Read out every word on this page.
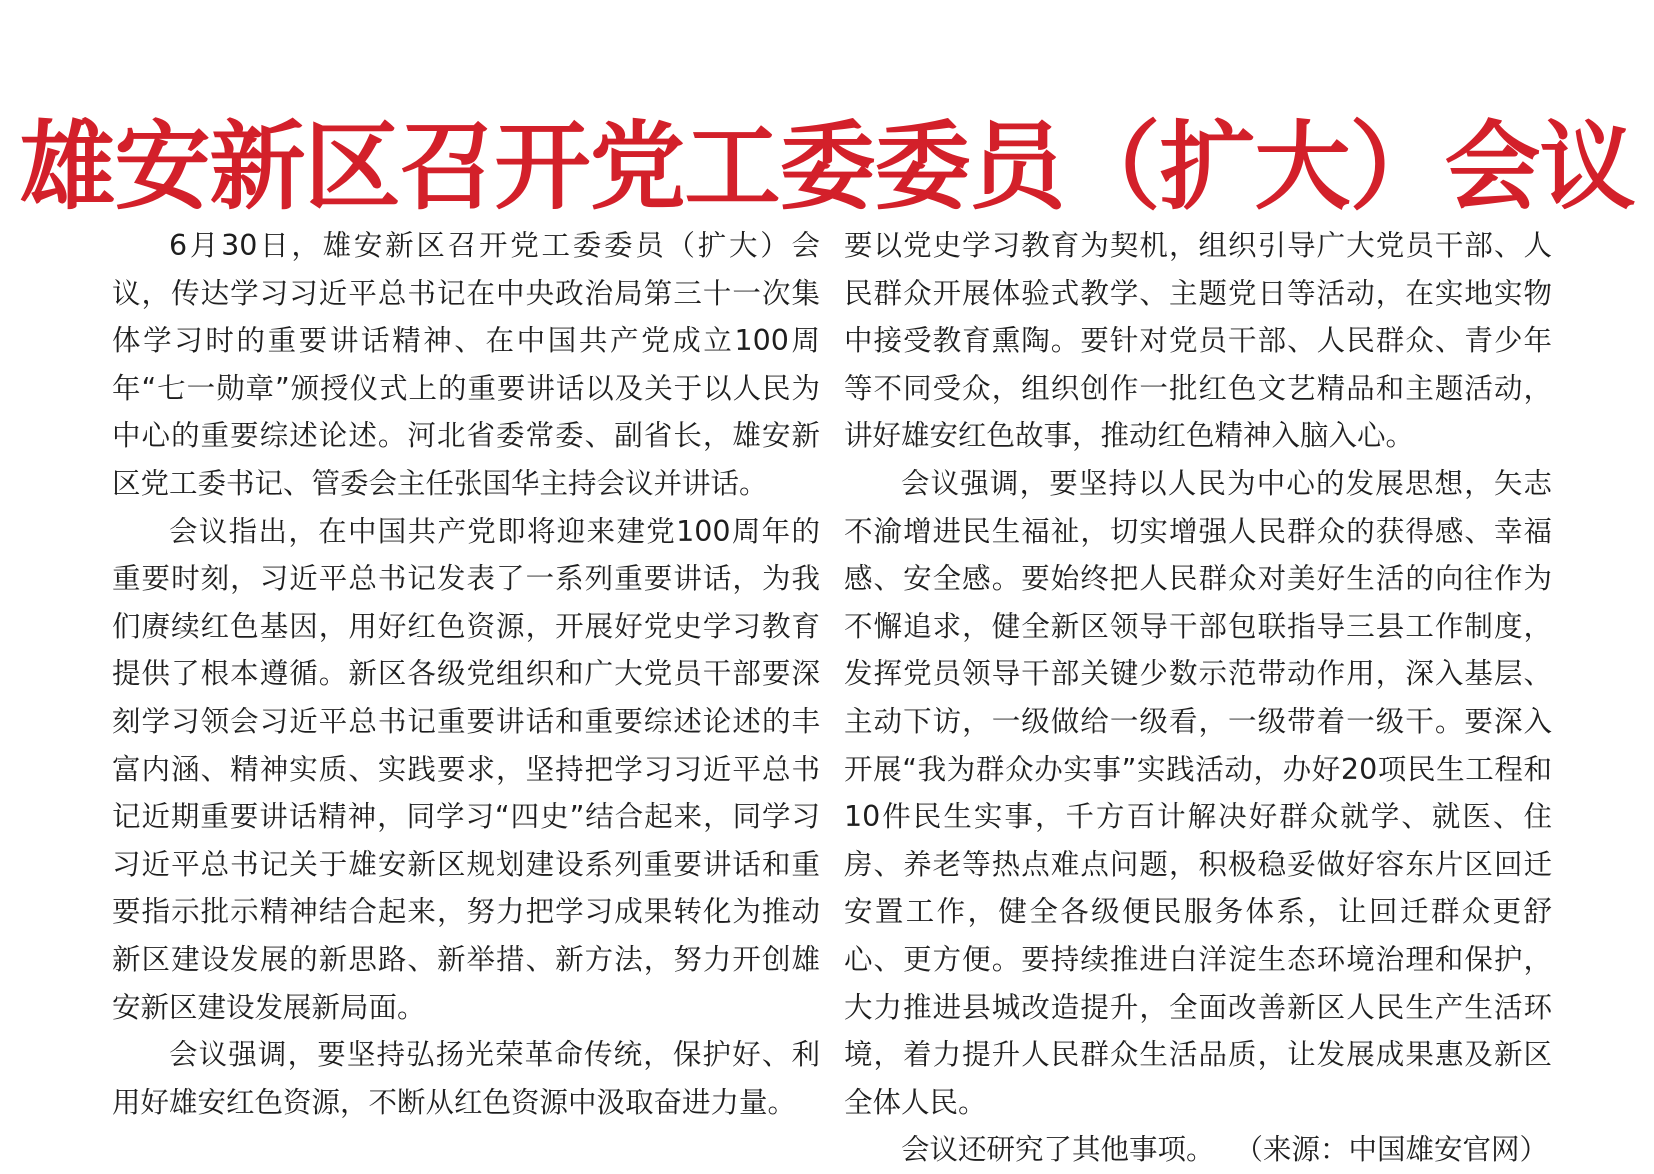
雄安新区召开党工委委员（扩大）会议

6月30日，雄安新区召开党工委委员（扩大）会议，传达学习习近平总书记在中央政治局第三十一次集体学习时的重要讲话精神、在中国共产党成立100周年“七一勋章”颁授仪式上的重要讲话以及关于以人民为中心的重要综述论述。河北省委常委、副省长，雄安新区党工委书记、管委会主任张国华主持会议并讲话。

会议指出，在中国共产党即将迎来建党100周年的重要时刻，习近平总书记发表了一系列重要讲话，为我们赓续红色基因，用好红色资源，开展好党史学习教育提供了根本遵循。新区各级党组织和广大党员干部要深刻学习领会习近平总书记重要讲话和重要综述论述的丰富内涵、精神实质、实践要求，坚持把学习习近平总书记近期重要讲话精神，同学习“四史”结合起来，同学习习近平总书记关于雄安新区规划建设系列重要讲话和重要指示批示精神结合起来，努力把学习成果转化为推动新区建设发展的新思路、新举措、新方法，努力开创雄安新区建设发展新局面。

会议强调，要坚持弘扬光荣革命传统，保护好、利用好雄安红色资源，不断从红色资源中汲取奋进力量。

要以党史学习教育为契机，组织引导广大党员干部、人民群众开展体验式教学、主题党日等活动，在实地实物中接受教育熏陶。要针对党员干部、人民群众、青少年等不同受众，组织创作一批红色文艺精品和主题活动，讲好雄安红色故事，推动红色精神入脑入心。

会议强调，要坚持以人民为中心的发展思想，矢志不渝增进民生福祉，切实增强人民群众的获得感、幸福感、安全感。要始终把人民群众对美好生活的向往作为不懈追求，健全新区领导干部包联指导三县工作制度，发挥党员领导干部关键少数示范带动作用，深入基层、主动下访，一级做给一级看，一级带着一级干。要深入开展“我为群众办实事”实践活动，办好20项民生工程和10件民生实事，千方百计解决好群众就学、就医、住房、养老等热点难点问题，积极稳妥做好容东片区回迁安置工作，健全各级便民服务体系，让回迁群众更舒心、更方便。要持续推进白洋淀生态环境治理和保护，大力推进县城改造提升，全面改善新区人民生产生活环境，着力提升人民群众生活品质，让发展成果惠及新区全体人民。

会议还研究了其他事项。 （来源：中国雄安官网）
